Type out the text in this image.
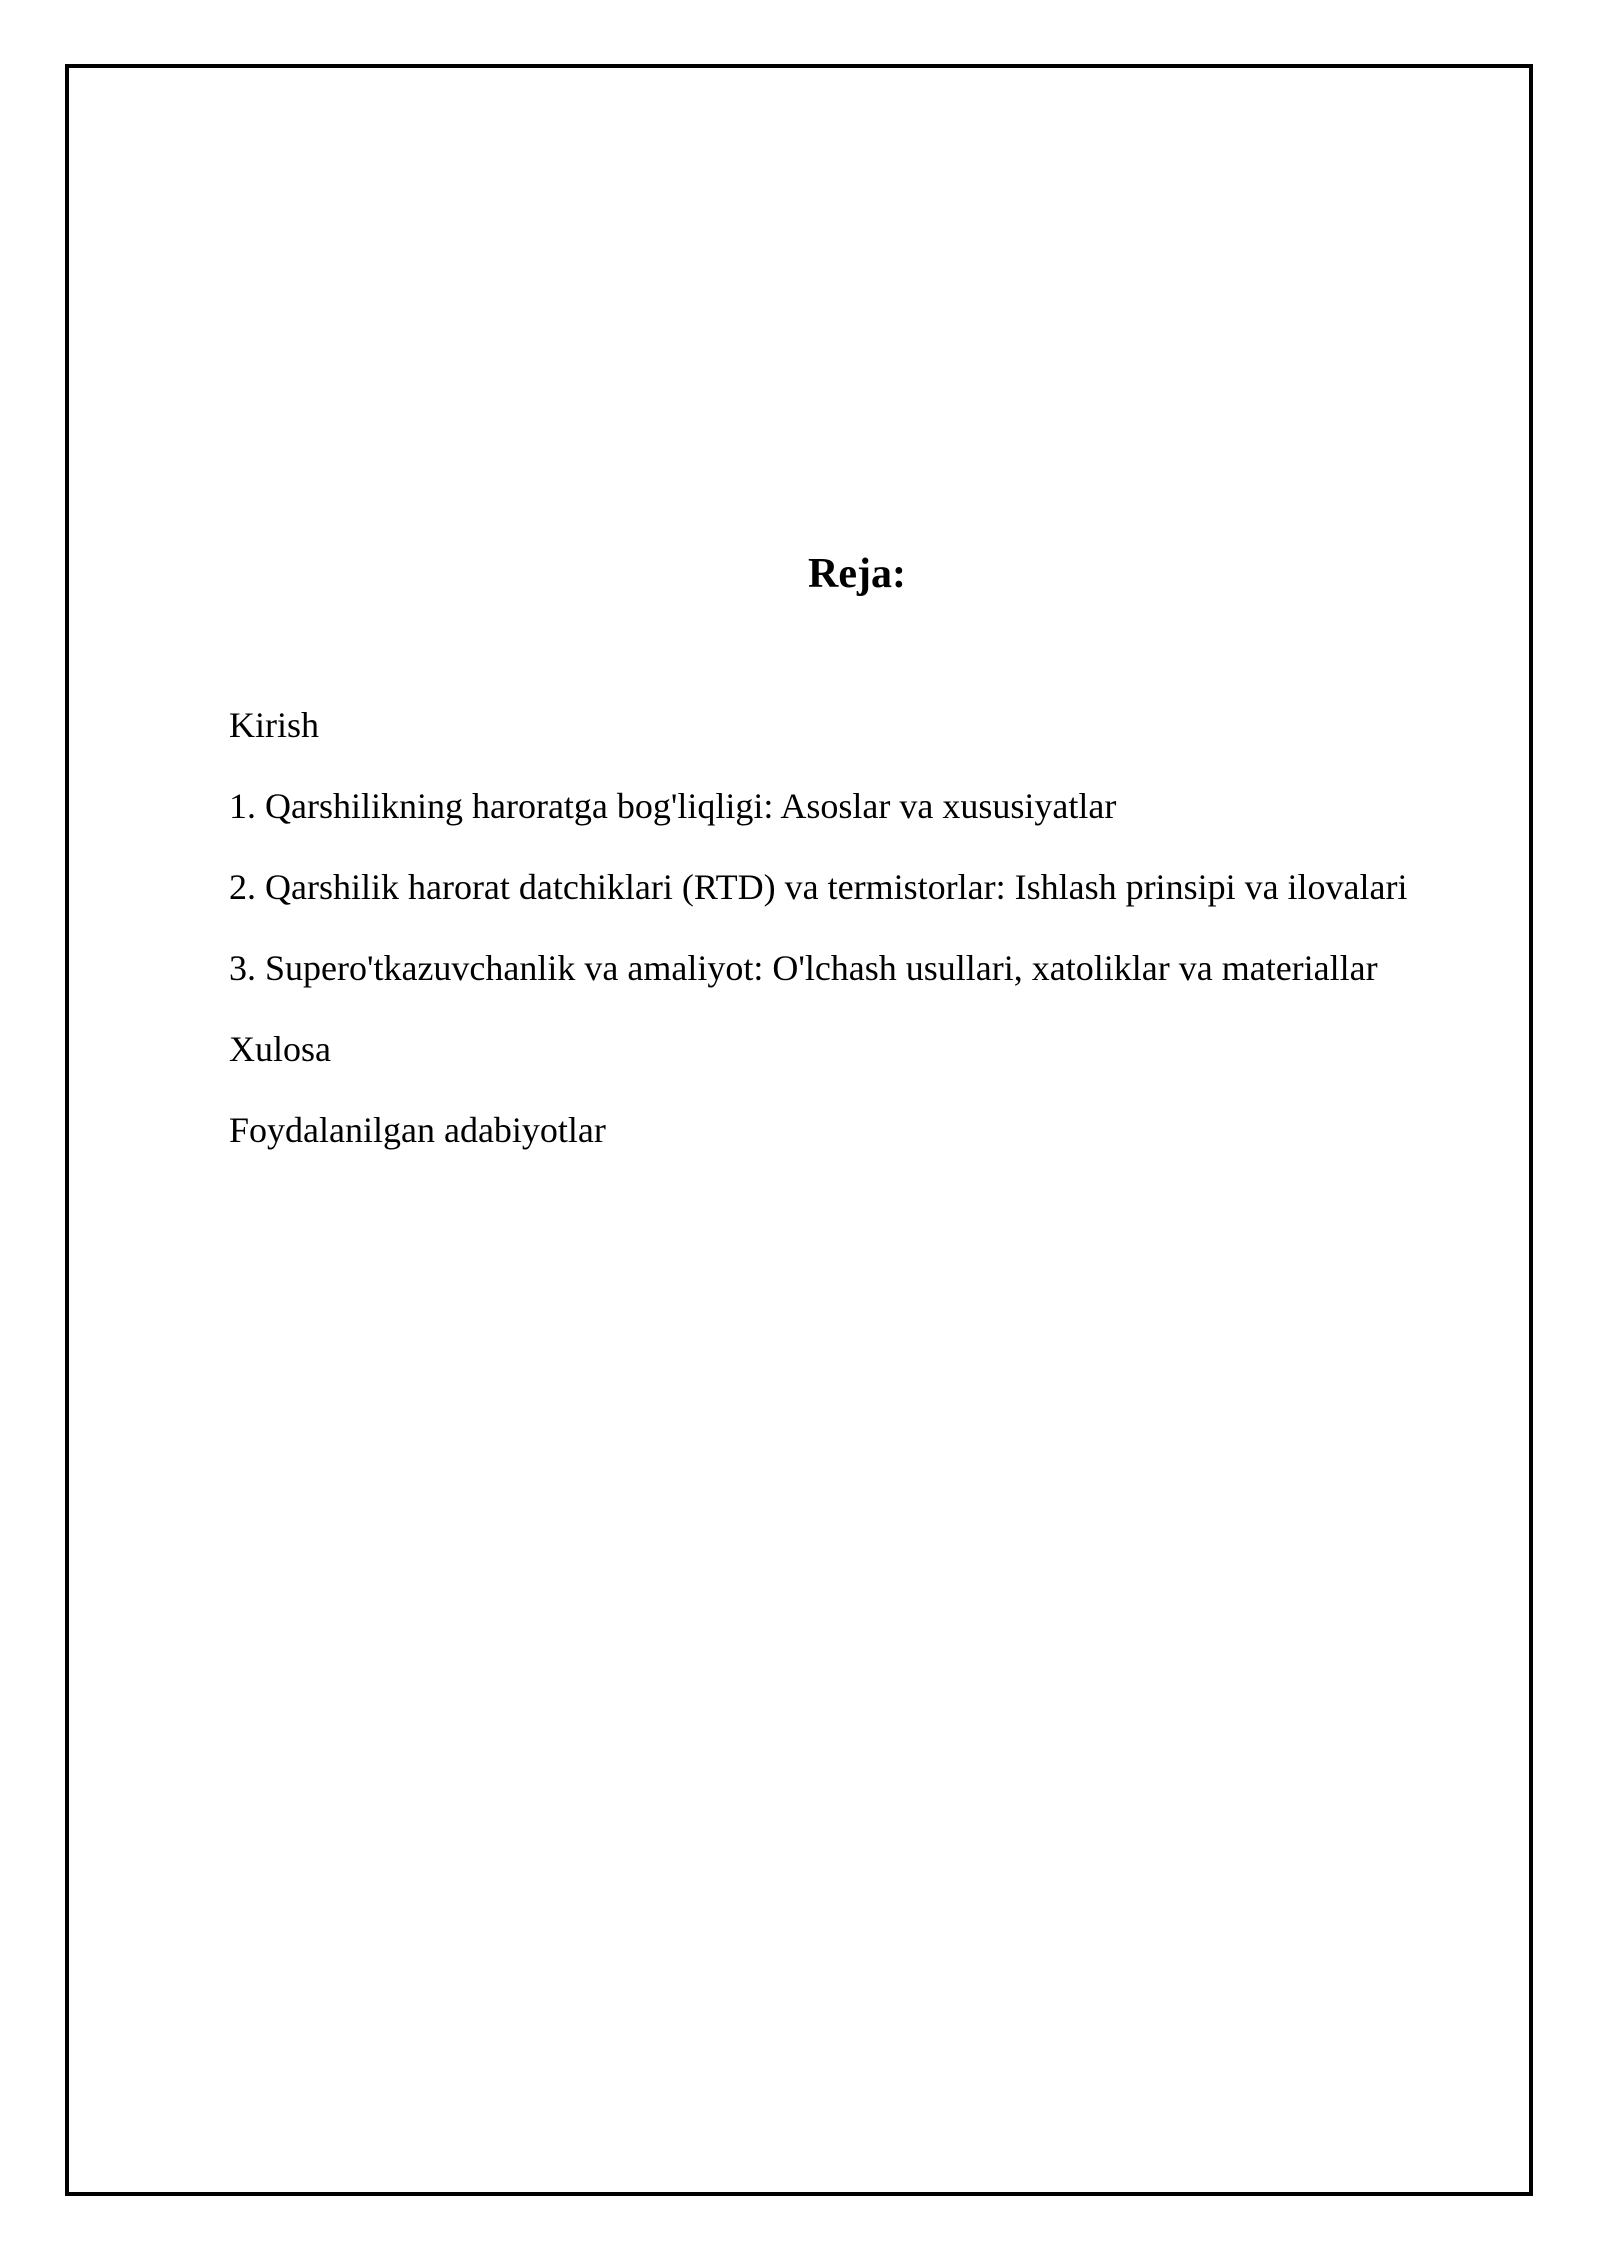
Reja:
Kirish
1. Qarshilikning haroratga bog'liqligi: Asoslar va xususiyatlar
2. Qarshilik harorat datchiklari (RTD) va termistorlar: Ishlash prinsipi va ilovalari
3. Supero'tkazuvchanlik va amaliyot: O'lchash usullari, xatoliklar va materiallar
Xulosa
Foydalanilgan adabiyotlar
